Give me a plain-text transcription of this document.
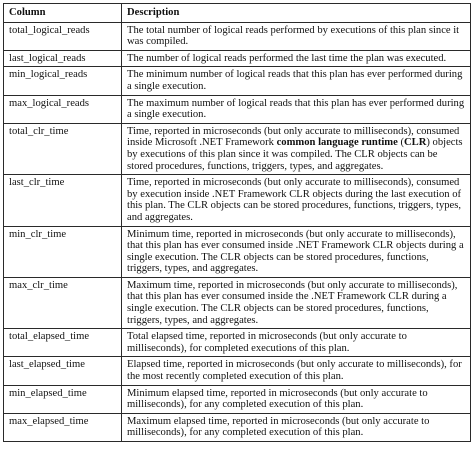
Column	Description
total_logical_reads	The total number of logical reads performed by executions of this plan since it was compiled.
last_logical_reads	The number of logical reads performed the last time the plan was executed.
min_logical_reads	The minimum number of logical reads that this plan has ever performed during a single execution.
max_logical_reads	The maximum number of logical reads that this plan has ever performed during a single execution.
total_clr_time	Time, reported in microseconds (but only accurate to milliseconds), consumed inside Microsoft .NET Framework common language runtime (CLR) objects by executions of this plan since it was compiled. The CLR objects can be stored procedures, functions, triggers, types, and aggregates.
last_clr_time	Time, reported in microseconds (but only accurate to milliseconds), consumed by execution inside .NET Framework CLR objects during the last execution of this plan. The CLR objects can be stored procedures, functions, triggers, types, and aggregates.
min_clr_time	Minimum time, reported in microseconds (but only accurate to milliseconds), that this plan has ever consumed inside .NET Framework CLR objects during a single execution. The CLR objects can be stored procedures, functions, triggers, types, and aggregates.
max_clr_time	Maximum time, reported in microseconds (but only accurate to milliseconds), that this plan has ever consumed inside the .NET Framework CLR during a single execution. The CLR objects can be stored procedures, functions, triggers, types, and aggregates.
total_elapsed_time	Total elapsed time, reported in microseconds (but only accurate to milliseconds), for completed executions of this plan.
last_elapsed_time	Elapsed time, reported in microseconds (but only accurate to milliseconds), for the most recently completed execution of this plan.
min_elapsed_time	Minimum elapsed time, reported in microseconds (but only accurate to milliseconds), for any completed execution of this plan.
max_elapsed_time	Maximum elapsed time, reported in microseconds (but only accurate to milliseconds), for any completed execution of this plan.
